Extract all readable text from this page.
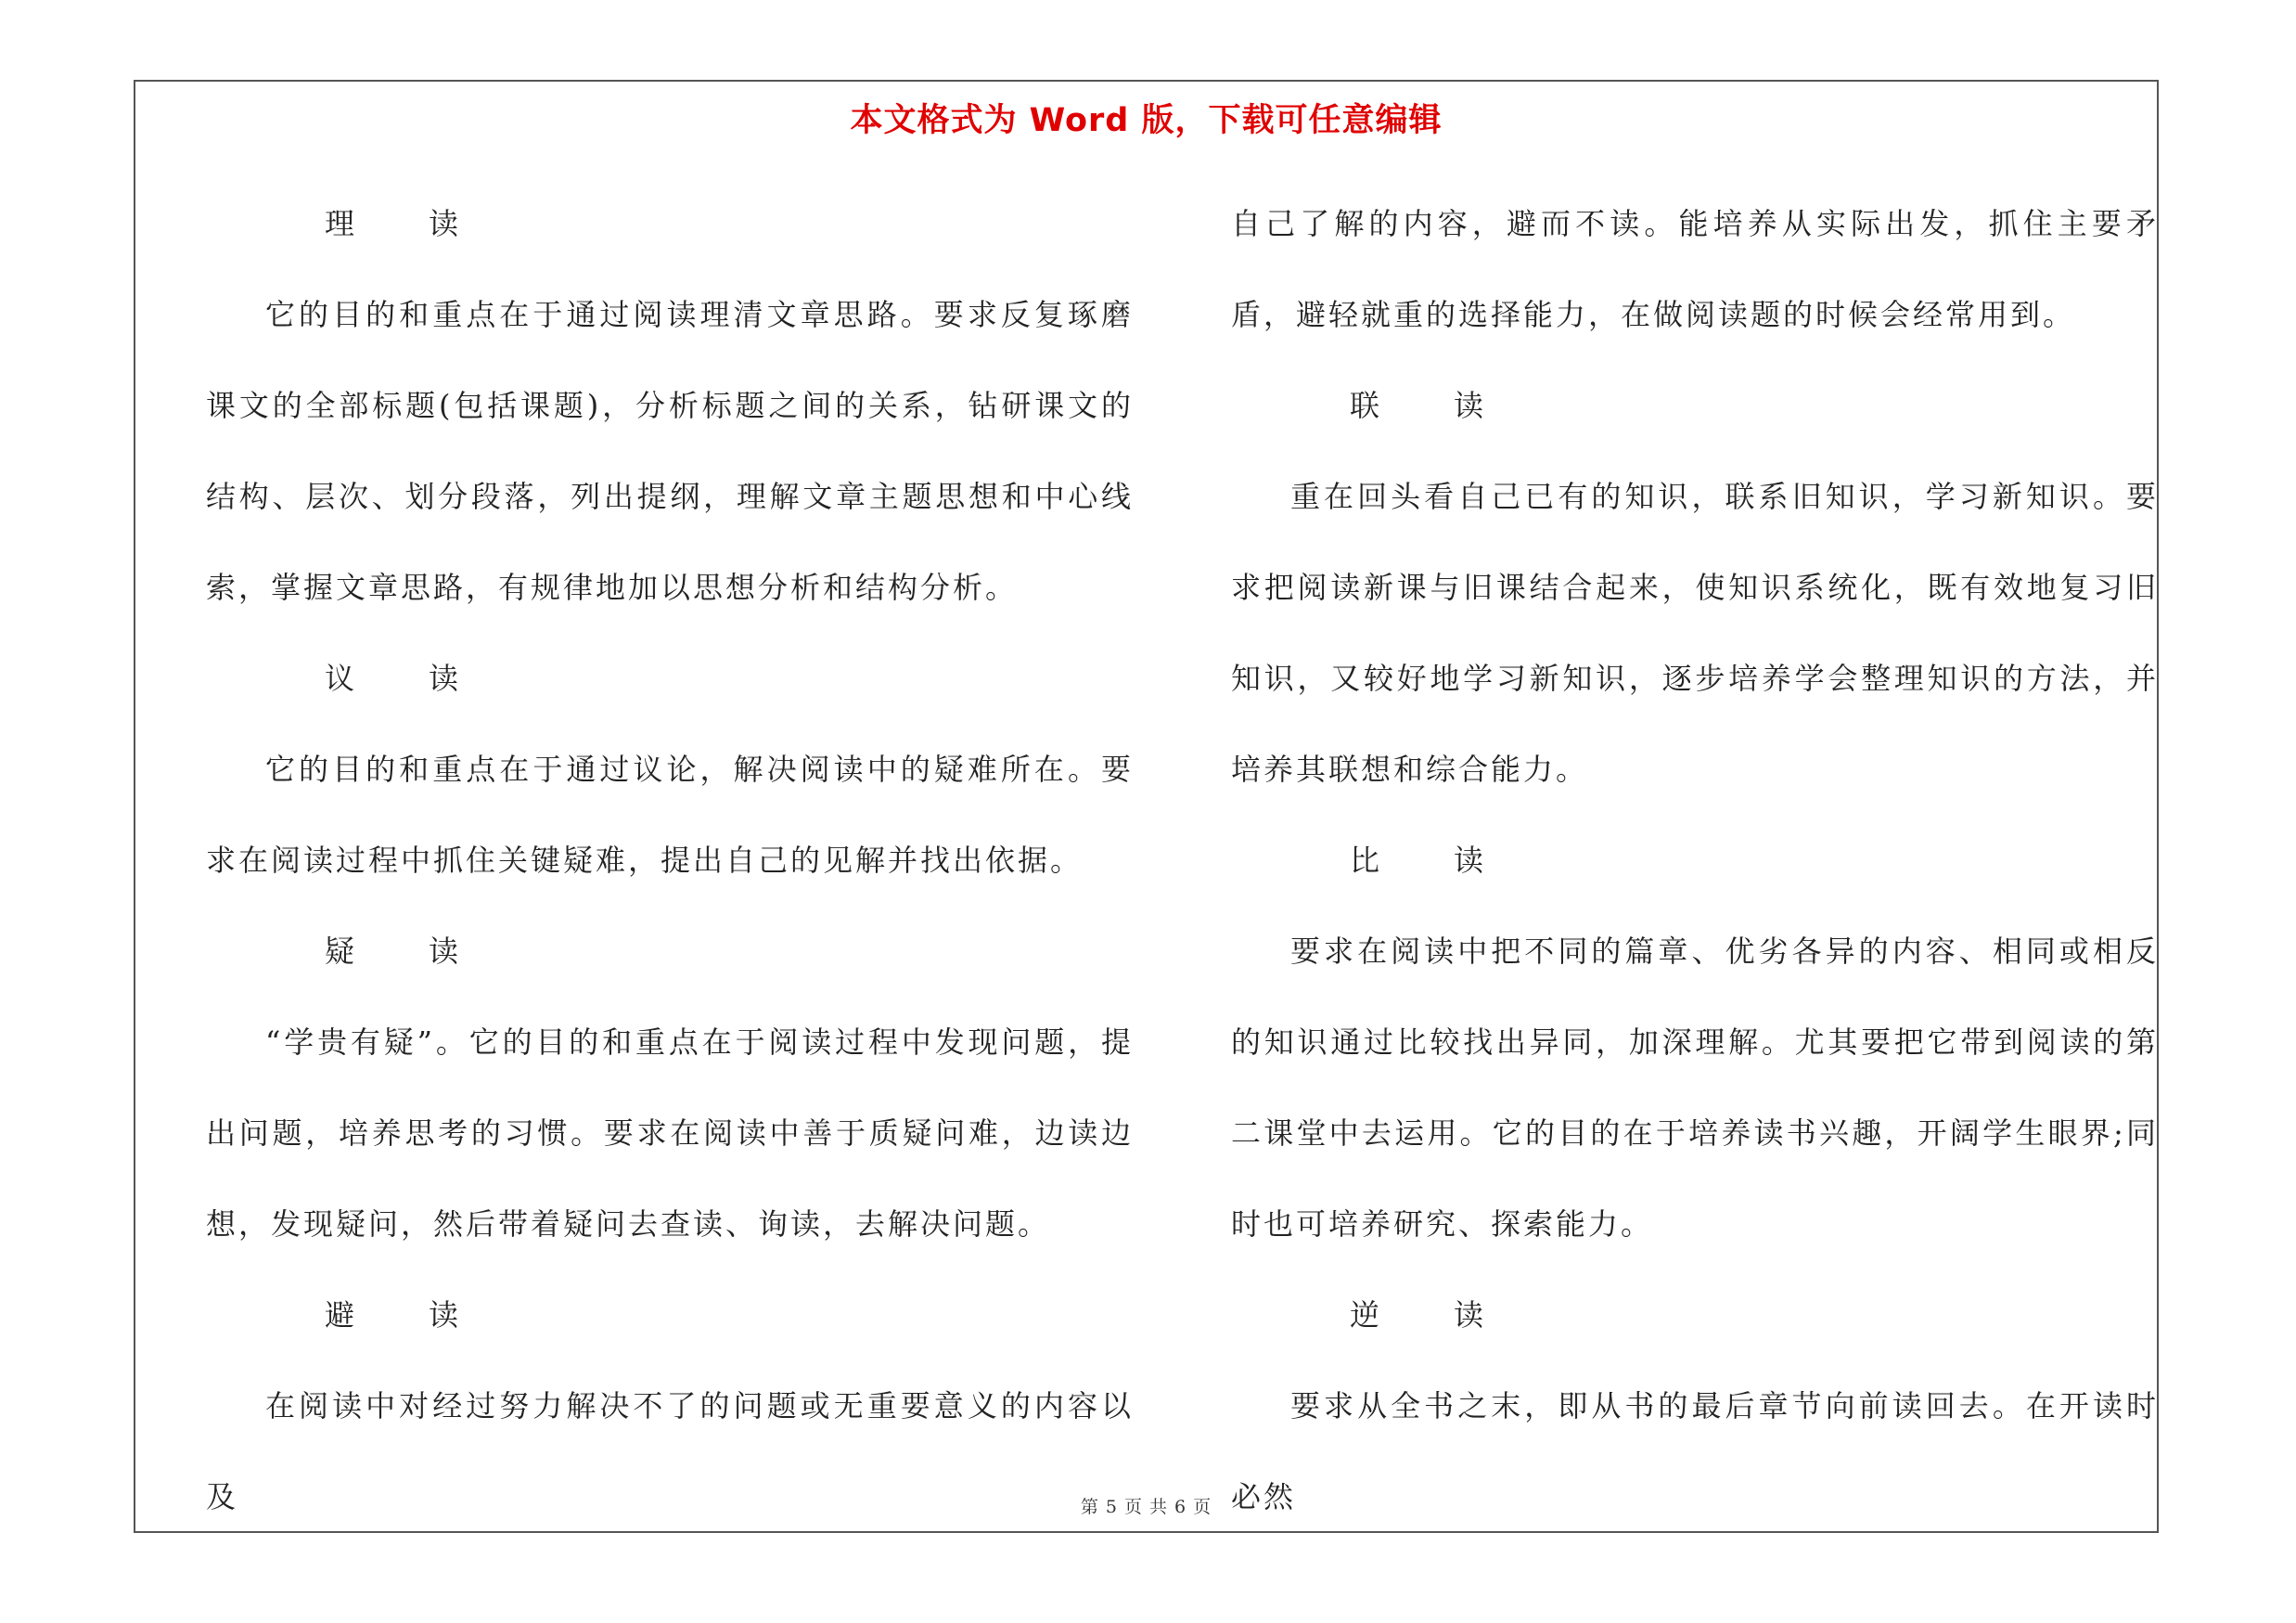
本文格式为 Word 版，下载可任意编辑

理	读

它的目的和重点在于通过阅读理清文章思路。要求反复琢磨课文的全部标题(包括课题)，分析标题之间的关系，钻研课文的结构、层次、划分段落，列出提纲，理解文章主题思想和中心线索，掌握文章思路，有规律地加以思想分析和结构分析。

议	读

它的目的和重点在于通过议论，解决阅读中的疑难所在。要求在阅读过程中抓住关键疑难，提出自己的见解并找出依据。

疑	读

“学贵有疑”。它的目的和重点在于阅读过程中发现问题，提出问题，培养思考的习惯。要求在阅读中善于质疑问难，边读边想，发现疑问，然后带着疑问去查读、询读，去解决问题。

避	读

在阅读中对经过努力解决不了的问题或无重要意义的内容以及

自己了解的内容，避而不读。能培养从实际出发，抓住主要矛盾，避轻就重的选择能力，在做阅读题的时候会经常用到。

联	读

重在回头看自己已有的知识，联系旧知识，学习新知识。要求把阅读新课与旧课结合起来，使知识系统化，既有效地复习旧知识，又较好地学习新知识，逐步培养学会整理知识的方法，并培养其联想和综合能力。

比	读

要求在阅读中把不同的篇章、优劣各异的内容、相同或相反的知识通过比较找出异同，加深理解。尤其要把它带到阅读的第二课堂中去运用。它的目的在于培养读书兴趣，开阔学生眼界;同时也可培养研究、探索能力。

逆	读

要求从全书之末，即从书的最后章节向前读回去。在开读时必然

第 5 页 共 6 页
